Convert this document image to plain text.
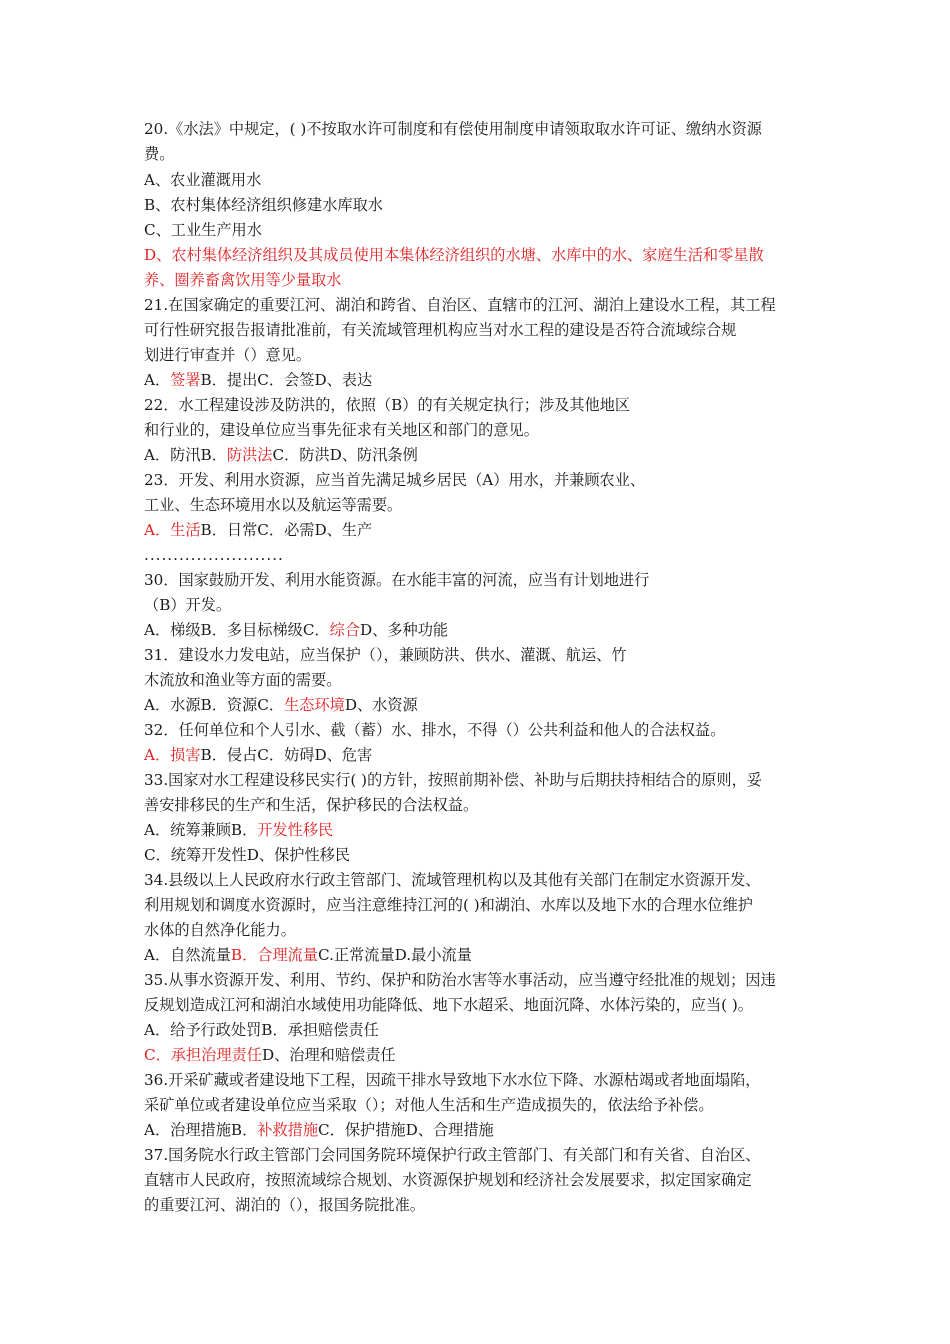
20.《水法》中规定，( )不按取水许可制度和有偿使用制度申请领取取水许可证、缴纳水资源
费。
A、农业灌溉用水
B、农村集体经济组织修建水库取水
C、工业生产用水
D、农村集体经济组织及其成员使用本集体经济组织的水塘、水库中的水、家庭生活和零星散
养、圈养畜禽饮用等少量取水
21.在国家确定的重要江河、湖泊和跨省、自治区、直辖市的江河、湖泊上建设水工程，其工程
可行性研究报告报请批准前，有关流域管理机构应当对水工程的建设是否符合流域综合规
划进行审查并（）意见。
A．签署B．提出C．会签D、表达
22．水工程建设涉及防洪的，依照（B）的有关规定执行；涉及其他地区
和行业的，建设单位应当事先征求有关地区和部门的意见。
A．防汛B．防洪法C．防洪D、防汛条例
23．开发、利用水资源，应当首先满足城乡居民（A）用水，并兼顾农业、
工业、生态环境用水以及航运等需要。
A．生活B．日常C．必需D、生产
........................
30．国家鼓励开发、利用水能资源。在水能丰富的河流，应当有计划地进行
（B）开发。
A．梯级B．多目标梯级C．综合D、多种功能
31．建设水力发电站，应当保护（），兼顾防洪、供水、灌溉、航运、竹
木流放和渔业等方面的需要。
A．水源B．资源C．生态环境D、水资源
32．任何单位和个人引水、截（蓄）水、排水，不得（）公共利益和他人的合法权益。
A．损害B．侵占C．妨碍D、危害
33.国家对水工程建设移民实行( )的方针，按照前期补偿、补助与后期扶持相结合的原则，妥
善安排移民的生产和生活，保护移民的合法权益。
A．统筹兼顾B．开发性移民
C．统筹开发性D、保护性移民
34.县级以上人民政府水行政主管部门、流域管理机构以及其他有关部门在制定水资源开发、
利用规划和调度水资源时，应当注意维持江河的( )和湖泊、水库以及地下水的合理水位维护
水体的自然净化能力。
A．自然流量B．合理流量C.正常流量D.最小流量
35.从事水资源开发、利用、节约、保护和防治水害等水事活动，应当遵守经批准的规划；因违
反规划造成江河和湖泊水域使用功能降低、地下水超采、地面沉降、水体污染的，应当( )。
A．给予行政处罚B．承担赔偿责任
C．承担治理责任D、治理和赔偿责任
36.开采矿藏或者建设地下工程，因疏干排水导致地下水水位下降、水源枯竭或者地面塌陷，
采矿单位或者建设单位应当采取（）；对他人生活和生产造成损失的，依法给予补偿。
A．治理措施B．补救措施C．保护措施D、合理措施
37.国务院水行政主管部门会同国务院环境保护行政主管部门、有关部门和有关省、自治区、
直辖市人民政府，按照流域综合规划、水资源保护规划和经济社会发展要求，拟定国家确定
的重要江河、湖泊的（），报国务院批准。
